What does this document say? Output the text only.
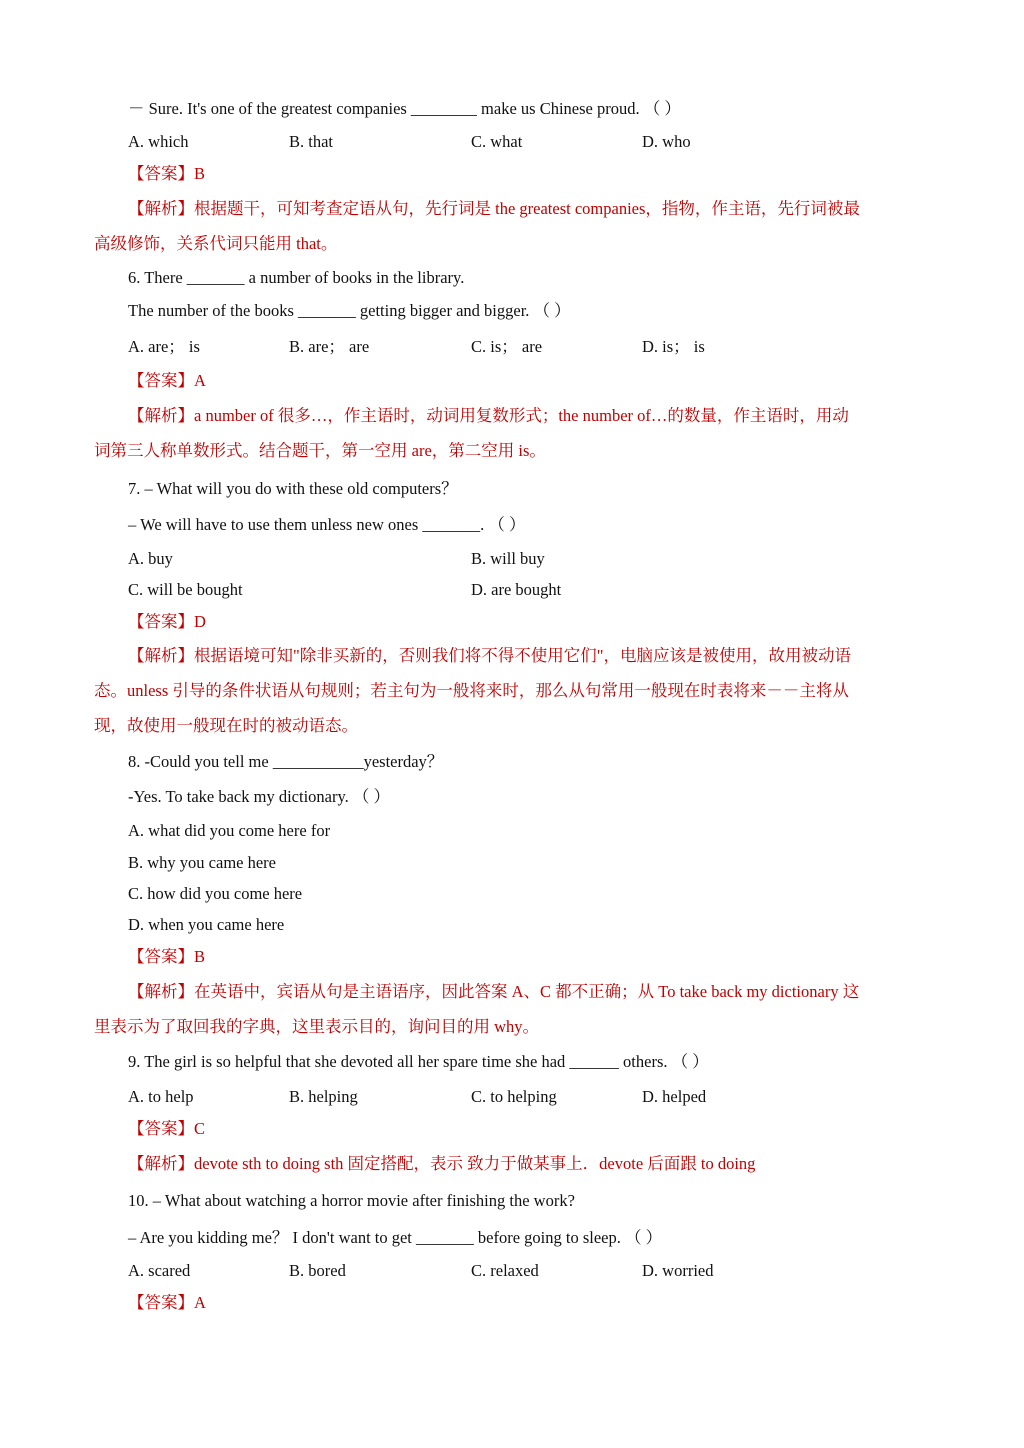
－ Sure. It's one of the greatest companies ________ make us Chinese proud. （ ）
A. which	B. that	C. what	D. who
【答案】B
【解析】根据题干，可知考查定语从句，先行词是 the greatest companies，指物，作主语，先行词被最
高级修饰，关系代词只能用 that。
6. There _______ a number of books in the library.
The number of the books _______ getting bigger and bigger. （ ）
A. are； is	B. are； are	C. is； are	D. is； is
【答案】A
【解析】a number of 很多…，作主语时，动词用复数形式；the number of…的数量，作主语时，用动
词第三人称单数形式。结合题干，第一空用 are，第二空用 is。
7. – What will you do with these old computers？
– We will have to use them unless new ones _______. （ ）
A. buy	B. will buy
C. will be bought	D. are bought
【答案】D
【解析】根据语境可知"除非买新的，否则我们将不得不使用它们"，电脑应该是被使用，故用被动语
态。unless 引导的条件状语从句规则；若主句为一般将来时，那么从句常用一般现在时表将来－－主将从
现，故使用一般现在时的被动语态。
8. -Could you tell me ___________yesterday？
-Yes. To take back my dictionary. （ ）
A. what did you come here for
B. why you came here
C. how did you come here
D. when you came here
【答案】B
【解析】在英语中，宾语从句是主语语序，因此答案 A、C 都不正确；从 To take back my dictionary 这
里表示为了取回我的字典，这里表示目的，询问目的用 why。
9. The girl is so helpful that she devoted all her spare time she had ______ others. （ ）
A. to help	B. helping	C. to helping	D. helped
【答案】C
【解析】devote sth to doing sth 固定搭配，表示 致力于做某事上．devote 后面跟 to doing
10. – What about watching a horror movie after finishing the work?
– Are you kidding me？ I don't want to get _______ before going to sleep. （ ）
A. scared	B. bored	C. relaxed	D. worried
【答案】A
